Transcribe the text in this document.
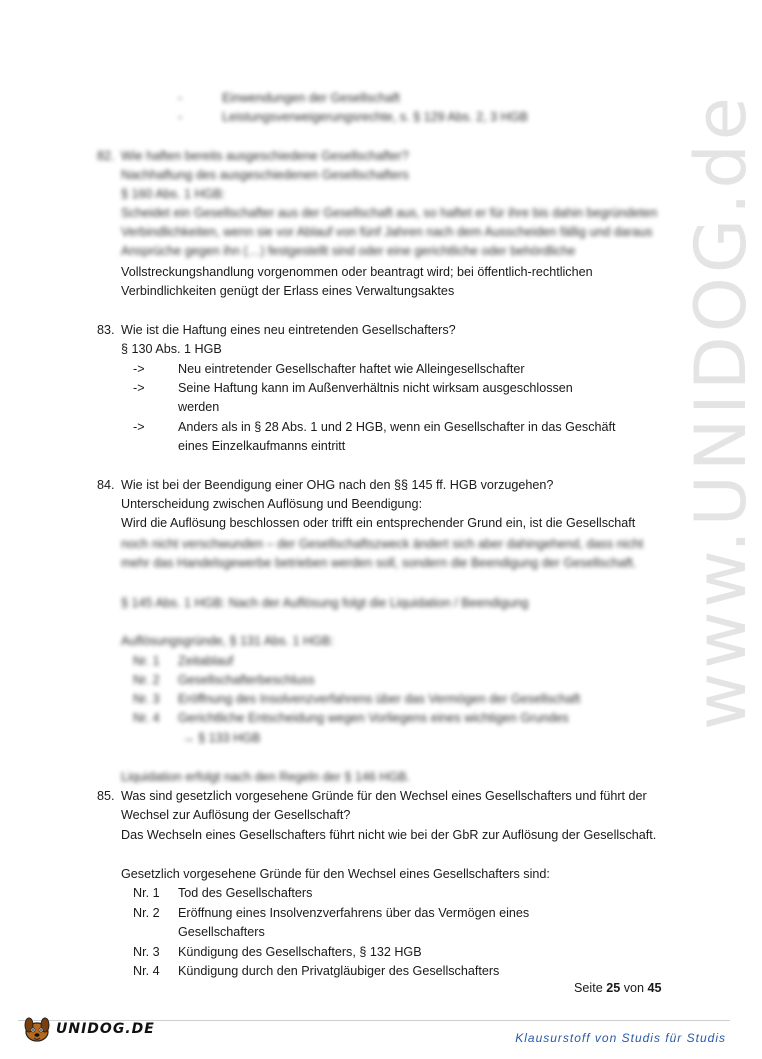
www.UNIDOG.de
-	Einwendungen der Gesellschaft
-	Leistungsverweigerungsrechte, s. § 129 Abs. 2, 3 HGB
82. Wie haften bereits ausgeschiedene Gesellschafter?
Nachhaftung des ausgeschiedenen Gesellschafters
§ 160 Abs. 1 HGB:
Scheidet ein Gesellschafter aus der Gesellschaft aus, so haftet er für ihre bis dahin begründeten
Verbindlichkeiten, wenn sie vor Ablauf von fünf Jahren nach dem Ausscheiden fällig und daraus
Ansprüche gegen ihn (…) festgestellt sind oder eine gerichtliche oder behördliche
Vollstreckungshandlung vorgenommen oder beantragt wird; bei öffentlich-rechtlichen
Verbindlichkeiten genügt der Erlass eines Verwaltungsaktes
83. Wie ist die Haftung eines neu eintretenden Gesellschafters?
§ 130 Abs. 1 HGB
->	Neu eintretender Gesellschafter haftet wie Alleingesellschafter
->	Seine Haftung kann im Außenverhältnis nicht wirksam ausgeschlossen
werden
->	Anders als in § 28 Abs. 1 und 2 HGB, wenn ein Gesellschafter in das Geschäft
eines Einzelkaufmanns eintritt
84. Wie ist bei der Beendigung einer OHG nach den §§ 145 ff. HGB vorzugehen?
Unterscheidung zwischen Auflösung und Beendigung:
Wird die Auflösung beschlossen oder trifft ein entsprechender Grund ein, ist die Gesellschaft
noch nicht verschwunden – der Gesellschaftszweck ändert sich aber dahingehend, dass nicht
mehr das Handelsgewerbe betrieben werden soll, sondern die Beendigung der Gesellschaft.
§ 145 Abs. 1 HGB: Nach der Auflösung folgt die Liquidation / Beendigung
Auflösungsgründe, § 131 Abs. 1 HGB:
Nr. 1 Zeitablauf
Nr. 2 Gesellschafterbeschluss
Nr. 3 Eröffnung des Insolvenzverfahrens über das Vermögen der Gesellschaft
Nr. 4 Gerichtliche Entscheidung wegen Vorliegens eines wichtigen Grundes
→ § 133 HGB
Liquidation erfolgt nach den Regeln der § 146 HGB.
85. Was sind gesetzlich vorgesehene Gründe für den Wechsel eines Gesellschafters und führt der
Wechsel zur Auflösung der Gesellschaft?
Das Wechseln eines Gesellschafters führt nicht wie bei der GbR zur Auflösung der Gesellschaft.
Gesetzlich vorgesehene Gründe für den Wechsel eines Gesellschafters sind:
Nr. 1 Tod des Gesellschafters
Nr. 2 Eröffnung eines Insolvenzverfahrens über das Vermögen eines
Gesellschafters
Nr. 3 Kündigung des Gesellschafters, § 132 HGB
Nr. 4 Kündigung durch den Privatgläubiger des Gesellschafters
Seite 25 von 45
UNIDOG.DE
Klausurstoff von Studis für Studis
